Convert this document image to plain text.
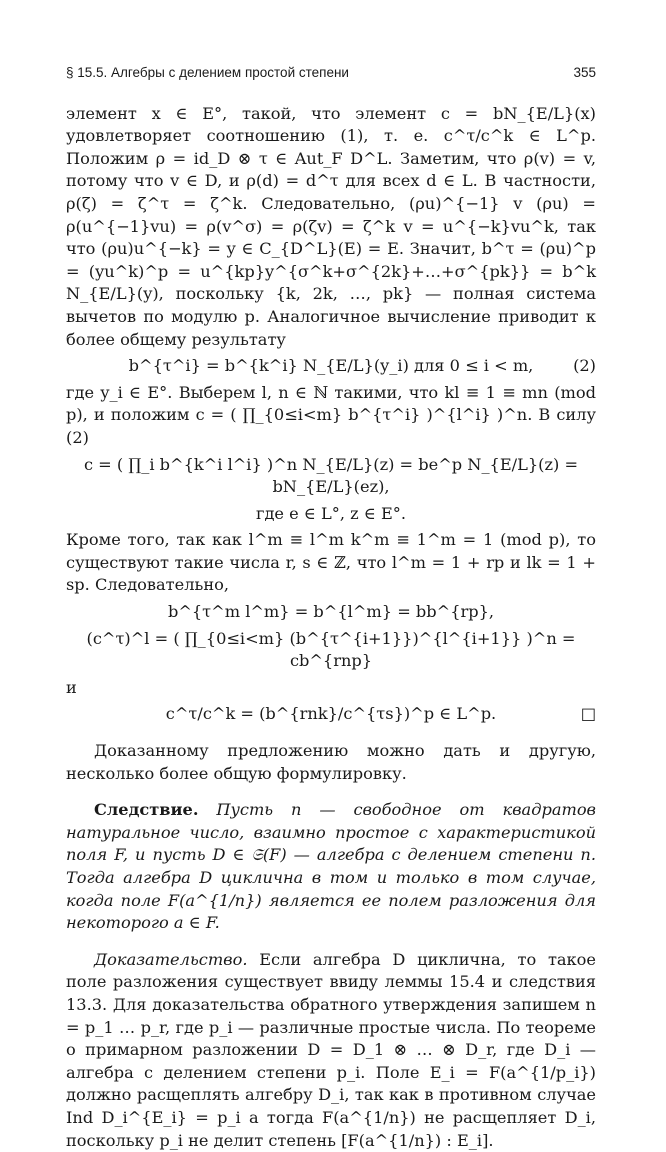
§ 15.5. Алгебры с делением простой степени	355

элемент x ∈ E°, такой, что элемент c = bN_{E/L}(x) удовлетворяет соотношению (1), т. е. c^τ/c^k ∈ L^p. Положим ρ = id_D ⊗ τ ∈ Aut_F D^L. Заметим, что ρ(v) = v, потому что v ∈ D, и ρ(d) = d^τ для всех d ∈ L. В частности, ρ(ζ) = ζ^τ = ζ^k. Следовательно, (ρu)^{−1} v (ρu) = ρ(u^{−1}vu) = ρ(v^σ) = ρ(ζv) = ζ^k v = u^{−k}vu^k, так что (ρu)u^{−k} = y ∈ C_{D^L}(E) = E. Значит, b^τ = (ρu)^p = (yu^k)^p = u^{kp}y^{σ^k+σ^{2k}+…+σ^{pk}} = b^k N_{E/L}(y), поскольку {k, 2k, …, pk} — полная система вычетов по модулю p. Аналогичное вычисление приводит к более общему результату

b^{τ^i} = b^{k^i} N_{E/L}(y_i) для 0 ≤ i < m, (2)

где y_i ∈ E°. Выберем l, n ∈ ℕ такими, что kl ≡ 1 ≡ mn (mod p), и положим c = ( ∏_{0≤i<m} b^{τ^i} )^{l^i} )^n. В силу (2)

c = ( ∏_i b^{k^i l^i} )^n N_{E/L}(z) = be^p N_{E/L}(z) = bN_{E/L}(ez),
где e ∈ L°, z ∈ E°.

Кроме того, так как l^m ≡ l^m k^m ≡ 1^m = 1 (mod p), то существуют такие числа r, s ∈ ℤ, что l^m = 1 + rp и lk = 1 + sp. Следовательно,

b^{τ^m l^m} = b^{l^m} = bb^{rp},
(c^τ)^l = ( ∏_{0≤i<m} (b^{τ^{i+1}})^{l^{i+1}} )^n = cb^{rnp}

и

c^τ/c^k = (b^{rnk}/c^{τs})^p ∈ L^p.	□

Доказанному предложению можно дать и другую, несколько более общую формулировку.

Следствие. Пусть n — свободное от квадратов натуральное число, взаимно простое с характеристикой поля F, и пусть D ∈ 𝔖(F) — алгебра с делением степени n. Тогда алгебра D циклична в том и только в том случае, когда поле F(a^{1/n}) является ее полем разложения для некоторого a ∈ F.

Доказательство. Если алгебра D циклична, то такое поле разложения существует ввиду леммы 15.4 и следствия 13.3. Для доказательства обратного утверждения запишем n = p_1 … p_r, где p_i — различные простые числа. По теореме о примарном разложении D = D_1 ⊗ … ⊗ D_r, где D_i — алгебра с делением степени p_i. Поле E_i = F(a^{1/p_i}) должно расщеплять алгебру D_i, так как в противном случае Ind D_i^{E_i} = p_i а тогда F(a^{1/n}) не расщепляет D_i, поскольку p_i не делит степень [F(a^{1/n}) : E_i].
